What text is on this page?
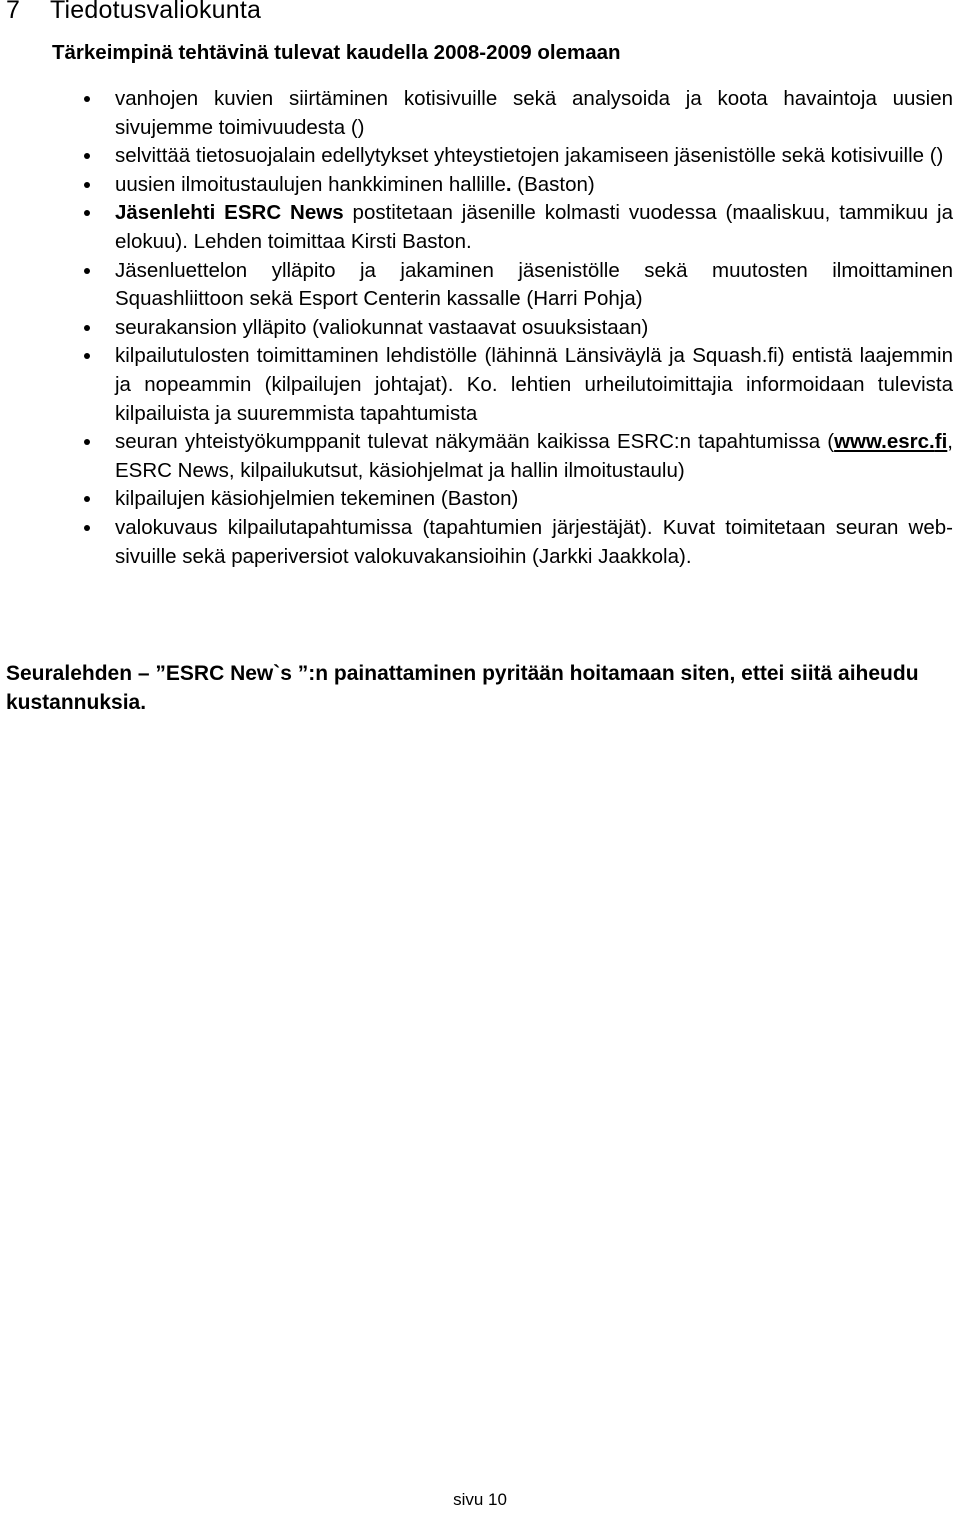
7 Tiedotusvaliokunta

Tärkeimpinä tehtävinä tulevat kaudella 2008-2009 olemaan

vanhojen kuvien siirtäminen kotisivuille sekä analysoida ja koota havaintoja uusien sivujemme toimivuudesta ()
selvittää tietosuojalain edellytykset yhteystietojen jakamiseen jäsenistölle sekä kotisivuille ()
uusien ilmoitustaulujen hankkiminen hallille. (Baston)
Jäsenlehti ESRC News postitetaan jäsenille kolmasti vuodessa (maaliskuu, tammikuu ja elokuu). Lehden toimittaa Kirsti Baston.
Jäsenluettelon ylläpito ja jakaminen jäsenistölle sekä muutosten ilmoittaminen Squashliittoon sekä Esport Centerin kassalle (Harri Pohja)
seurakansion ylläpito (valiokunnat vastaavat osuuksistaan)
kilpailutulosten toimittaminen lehdistölle (lähinnä Länsiväylä ja Squash.fi) entistä laajemmin ja nopeammin (kilpailujen johtajat). Ko. lehtien urheilutoimittajia informoidaan tulevista kilpailuista ja suuremmista tapahtumista
seuran yhteistyökumppanit tulevat näkymään kaikissa ESRC:n tapahtumissa (www.esrc.fi, ESRC News, kilpailukutsut, käsiohjelmat ja hallin ilmoitustaulu)
kilpailujen käsiohjelmien tekeminen (Baston)
valokuvaus kilpailutapahtumissa (tapahtumien järjestäjät). Kuvat toimitetaan seuran web-sivuille sekä paperiversiot valokuvakansioihin (Jarkki Jaakkola).

Seuralehden – ”ESRC New`s ”:n painattaminen pyritään hoitamaan siten, ettei siitä aiheudu kustannuksia.

sivu 10
